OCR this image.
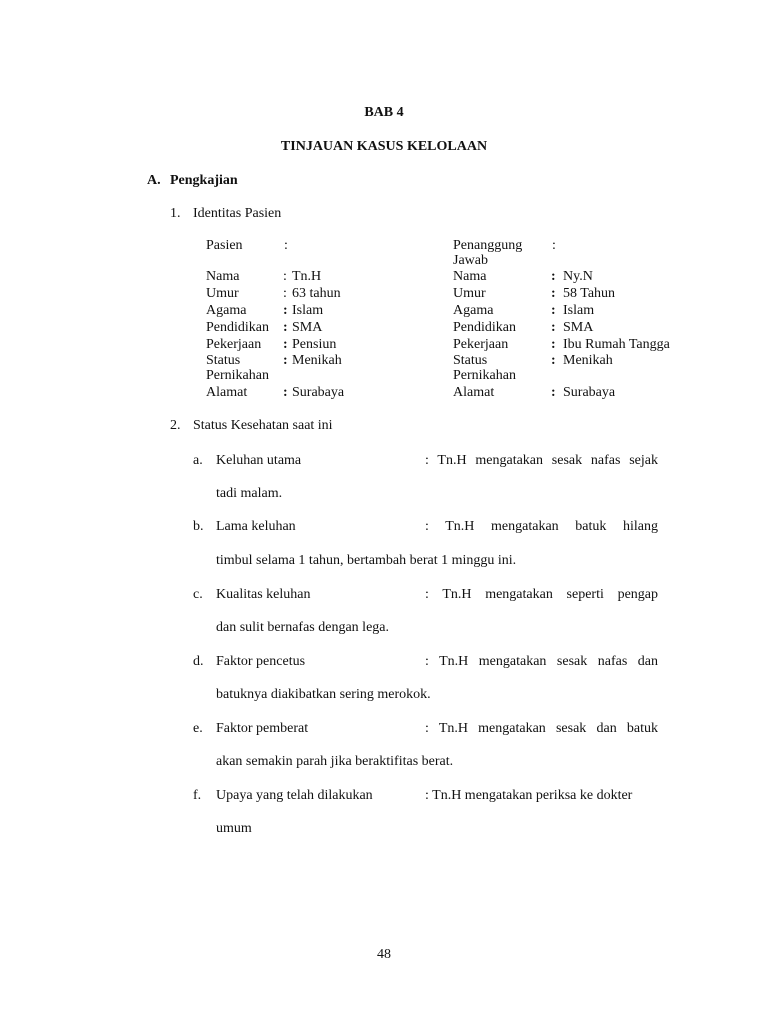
BAB 4
TINJAUAN KASUS KELOLAAN
A. Pengkajian
1. Identitas Pasien
Pasien	:
Nama	: Tn.H
Umur	: 63 tahun
Agama	: Islam
Pendidikan : SMA
Pekerjaan : Pensiun
Status
Pernikahan
: Menikah
Alamat	: Surabaya
Penanggung
Jawab
:
Nama	: Ny.N
Umur	: 58 Tahun
Agama	: Islam
Pendidikan	: SMA
Pekerjaan	: Ibu Rumah Tangga
Status
Pernikahan
: Menikah
Alamat	: Surabaya
2. Status Kesehatan saat ini
a. Keluhan utama	: Tn.H mengatakan sesak nafas sejak
tadi malam.
b. Lama keluhan	: Tn.H mengatakan batuk hilang
timbul selama 1 tahun, bertambah berat 1 minggu ini.
c. Kualitas keluhan	: Tn.H mengatakan seperti pengap
dan sulit bernafas dengan lega.
d. Faktor pencetus	: Tn.H mengatakan sesak nafas dan
batuknya diakibatkan sering merokok.
e. Faktor pemberat	: Tn.H mengatakan sesak dan batuk
akan semakin parah jika beraktifitas berat.
f. Upaya yang telah dilakukan	: Tn.H mengatakan periksa ke dokter
umum
48
